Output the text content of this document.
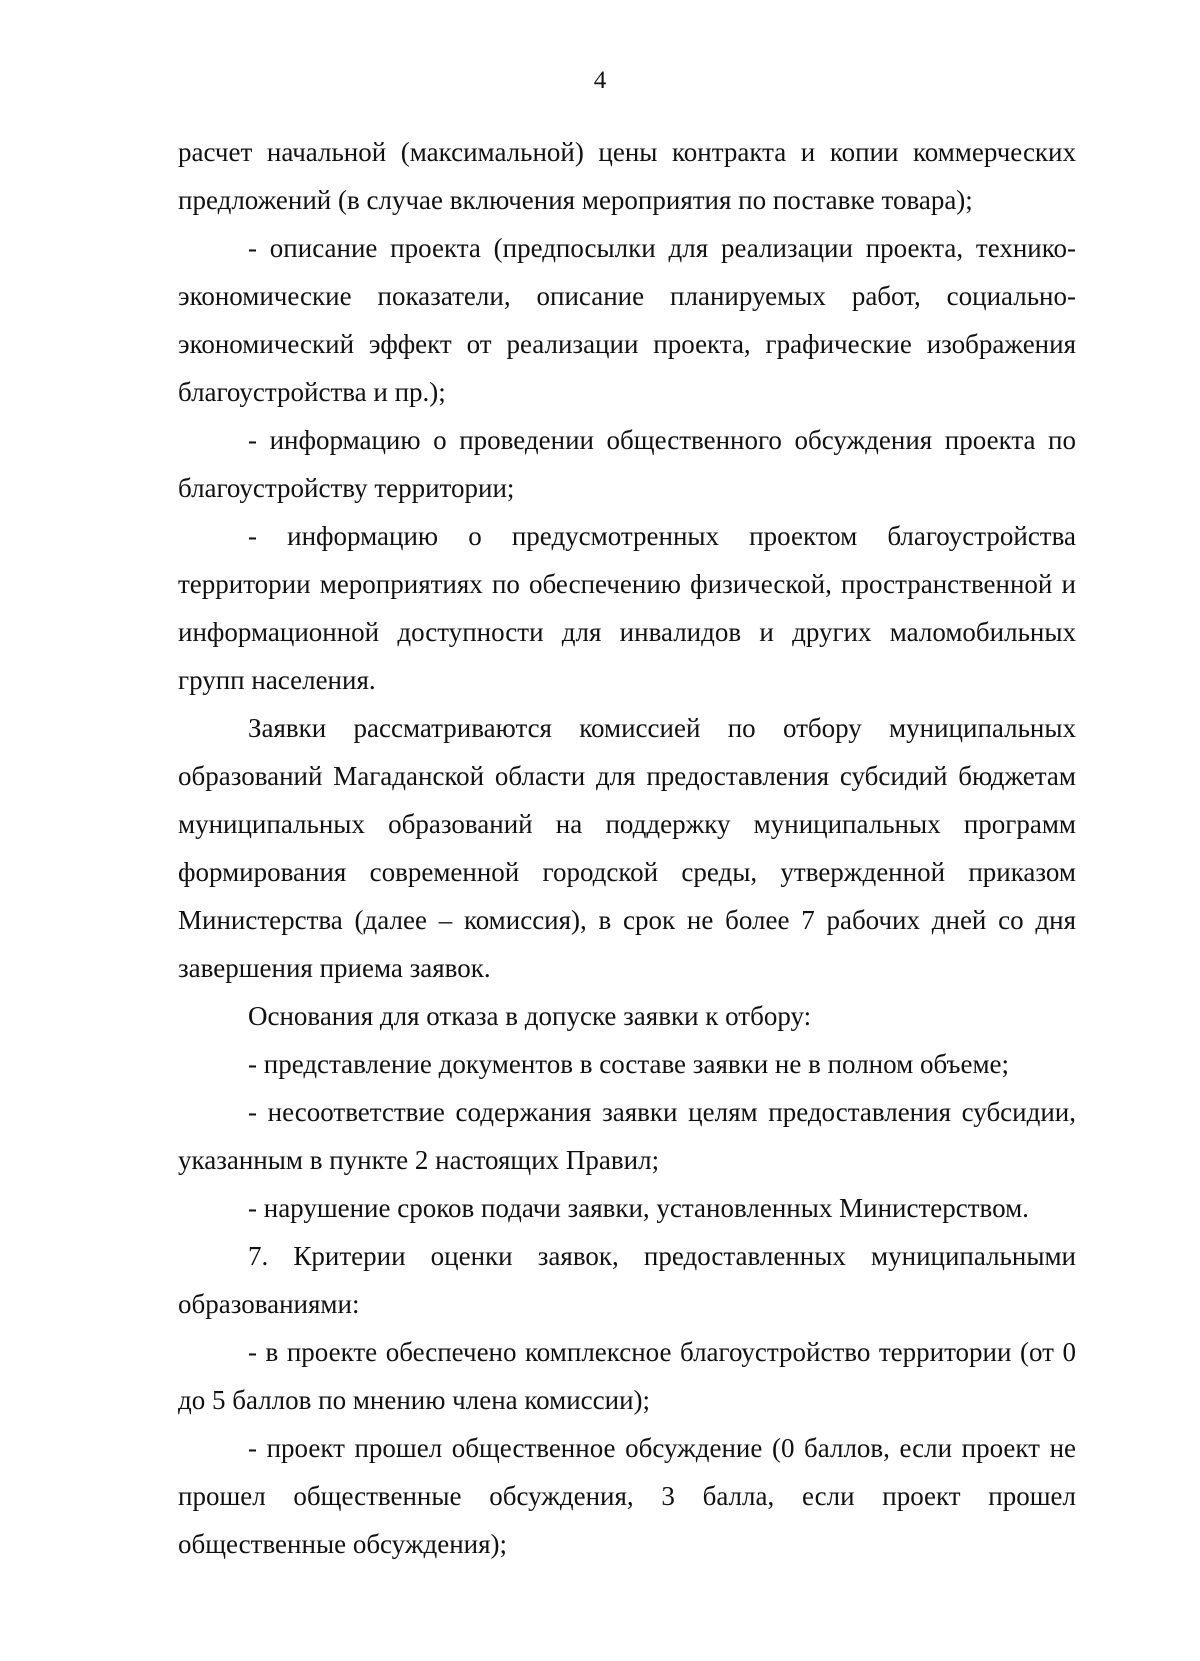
4

расчет начальной (максимальной) цены контракта и копии коммерческих предложений (в случае включения мероприятия по поставке товара);

- описание проекта (предпосылки для реализации проекта, технико-экономические показатели, описание планируемых работ, социально-экономический эффект от реализации проекта, графические изображения благоустройства и пр.);

- информацию о проведении общественного обсуждения проекта по благоустройству территории;

- информацию о предусмотренных проектом благоустройства территории мероприятиях по обеспечению физической, пространственной и информационной доступности для инвалидов и других маломобильных групп населения.

Заявки рассматриваются комиссией по отбору муниципальных образований Магаданской области для предоставления субсидий бюджетам муниципальных образований на поддержку муниципальных программ формирования современной городской среды, утвержденной приказом Министерства (далее – комиссия), в срок не более 7 рабочих дней со дня завершения приема заявок.

Основания для отказа в допуске заявки к отбору:

- представление документов в составе заявки не в полном объеме;

- несоответствие содержания заявки целям предоставления субсидии, указанным в пункте 2 настоящих Правил;

- нарушение сроков подачи заявки, установленных Министерством.

7. Критерии оценки заявок, предоставленных муниципальными образованиями:

- в проекте обеспечено комплексное благоустройство территории (от 0 до 5 баллов по мнению члена комиссии);

- проект прошел общественное обсуждение (0 баллов, если проект не прошел общественные обсуждения, 3 балла, если проект прошел общественные обсуждения);
